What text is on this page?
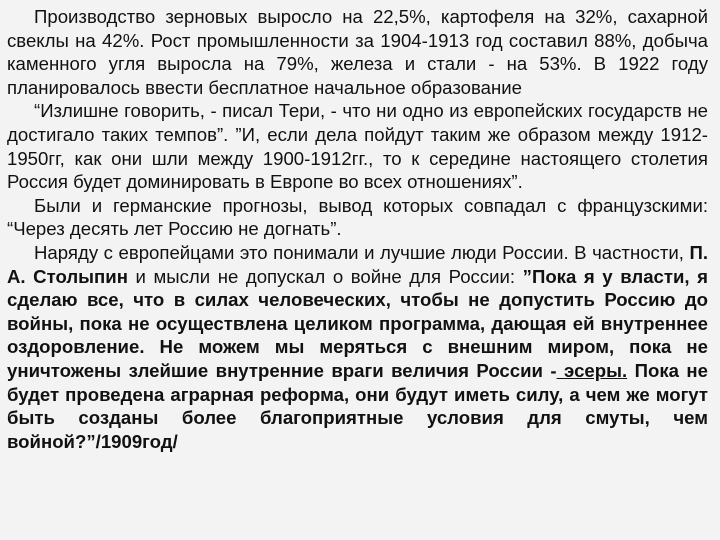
Производство зерновых выросло на 22,5%, картофеля на 32%, сахарной свеклы на 42%. Рост промышленности за 1904-1913 год составил 88%, добыча каменного угля выросла на 79%, железа и стали - на 53%. В 1922 году планировалось ввести бесплатное начальное образование

“Излишне говорить, - писал Тери, - что ни одно из европейских государств не достигало таких темпов”. ”И, если дела пойдут таким же образом между 1912-1950гг, как они шли между 1900-1912гг., то к середине настоящего столетия Россия будет доминировать в Европе во всех отношениях”.

Были и германские прогнозы, вывод которых совпадал с французскими: “Через десять лет Россию не догнать”.

Наряду с европейцами это понимали и лучшие люди России. В частности, П. А. Столыпин и мысли не допускал о войне для России: ”Пока я у власти, я сделаю все, что в силах человеческих, чтобы не допустить Россию до войны, пока не осуществлена целиком программа, дающая ей внутреннее оздоровление. Не можем мы меряться с внешним миром, пока не уничтожены злейшие внутренние враги величия России - эсеры. Пока не будет проведена аграрная реформа, они будут иметь силу, а чем же могут быть созданы более благоприятные условия для смуты, чем войной?”/1909год/
